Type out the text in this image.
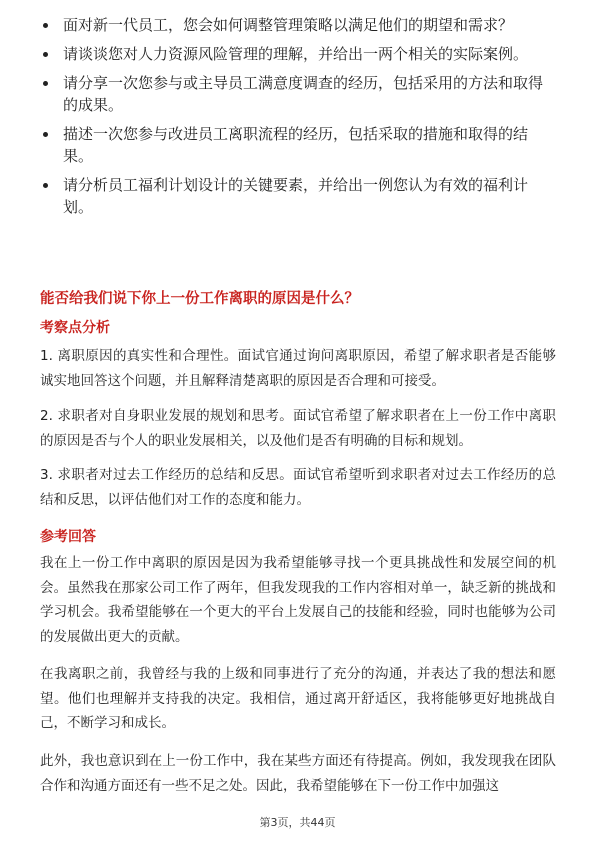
面对新一代员工，您会如何调整管理策略以满足他们的期望和需求？
请谈谈您对人力资源风险管理的理解，并给出一两个相关的实际案例。
请分享一次您参与或主导员工满意度调查的经历，包括采用的方法和取得的成果。
描述一次您参与改进员工离职流程的经历，包括采取的措施和取得的结果。
请分析员工福利计划设计的关键要素，并给出一例您认为有效的福利计划。
能否给我们说下你上一份工作离职的原因是什么？
考察点分析

1. 离职原因的真实性和合理性。面试官通过询问离职原因，希望了解求职者是否能够诚实地回答这个问题，并且解释清楚离职的原因是否合理和可接受。

2. 求职者对自身职业发展的规划和思考。面试官希望了解求职者在上一份工作中离职的原因是否与个人的职业发展相关，以及他们是否有明确的目标和规划。

3. 求职者对过去工作经历的总结和反思。面试官希望听到求职者对过去工作经历的总结和反思，以评估他们对工作的态度和能力。

参考回答

我在上一份工作中离职的原因是因为我希望能够寻找一个更具挑战性和发展空间的机会。虽然我在那家公司工作了两年，但我发现我的工作内容相对单一，缺乏新的挑战和学习机会。我希望能够在一个更大的平台上发展自己的技能和经验，同时也能够为公司的发展做出更大的贡献。

在我离职之前，我曾经与我的上级和同事进行了充分的沟通，并表达了我的想法和愿望。他们也理解并支持我的决定。我相信，通过离开舒适区，我将能够更好地挑战自己，不断学习和成长。

此外，我也意识到在上一份工作中，我在某些方面还有待提高。例如，我发现我在团队合作和沟通方面还有一些不足之处。因此，我希望能够在下一份工作中加强这

第3页，共44页
